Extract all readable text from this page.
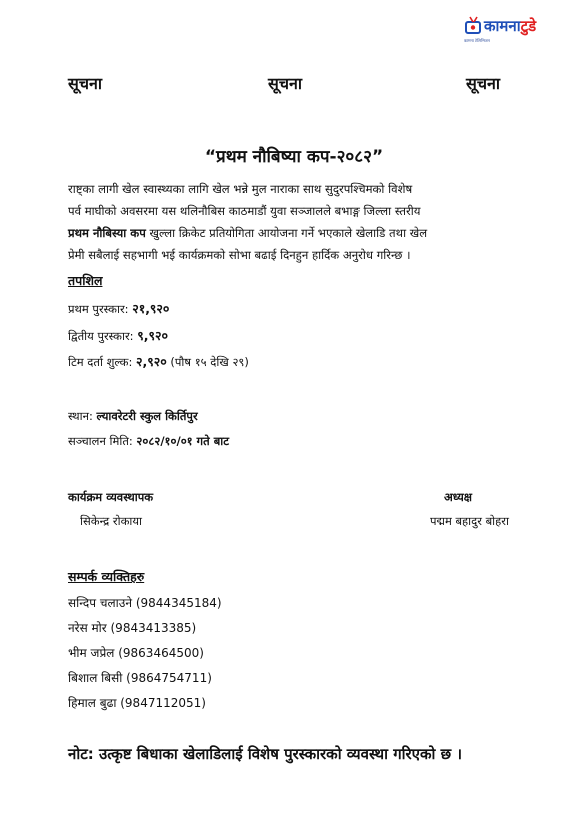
कामनाटुडे
कामना टेलिभिजन
सूचना	सूचना	सूचना
“प्रथम नौबिष्या कप-२०८२”
राष्ट्का लागी खेल स्वास्थ्यका लागि खेल भन्ने मुल नाराका साथ सुदुरपश्चिमको विशेष
पर्व माघीको अवसरमा यस थलिनौबिस काठमाडौं युवा सञ्जालले बभाङ्ग जिल्ला स्तरीय
प्रथम नौबिस्या कप खुल्ला क्रिकेट प्रतियोगिता आयोजना गर्ने भएकाले खेलाडि तथा खेल
प्रेमी सबैलाई सहभागी भई कार्यक्रमको सोभा बढाई दिनहुन हार्दिक अनुरोध गरिन्छ ।
तपशिल
प्रथम पुरस्कार: २१,९२०
द्वितीय पुरस्कार: ९,९२०
टिम दर्ता शुल्क: २,९२० (पौष १५ देखि २९)
स्थान: ल्यावरेटरी स्कुल किर्तिपुर
सञ्चालन मिति: २०८२/१०/०१ गते बाट
कार्यक्रम व्यवस्थापक
सिकेन्द्र रोकाया
अध्यक्ष
पद्मम बहादुर बोहरा
सम्पर्क व्यक्तिहरु
सन्दिप चलाउने (9844345184)
नरेस मोर (9843413385)
भीम जप्रेल (9863464500)
बिशाल बिसी (9864754711)
हिमाल बुढा (9847112051)
नोट: उत्कृष्ट बिधाका खेलाडिलाई विशेष पुरस्कारको व्यवस्था गरिएको छ ।
